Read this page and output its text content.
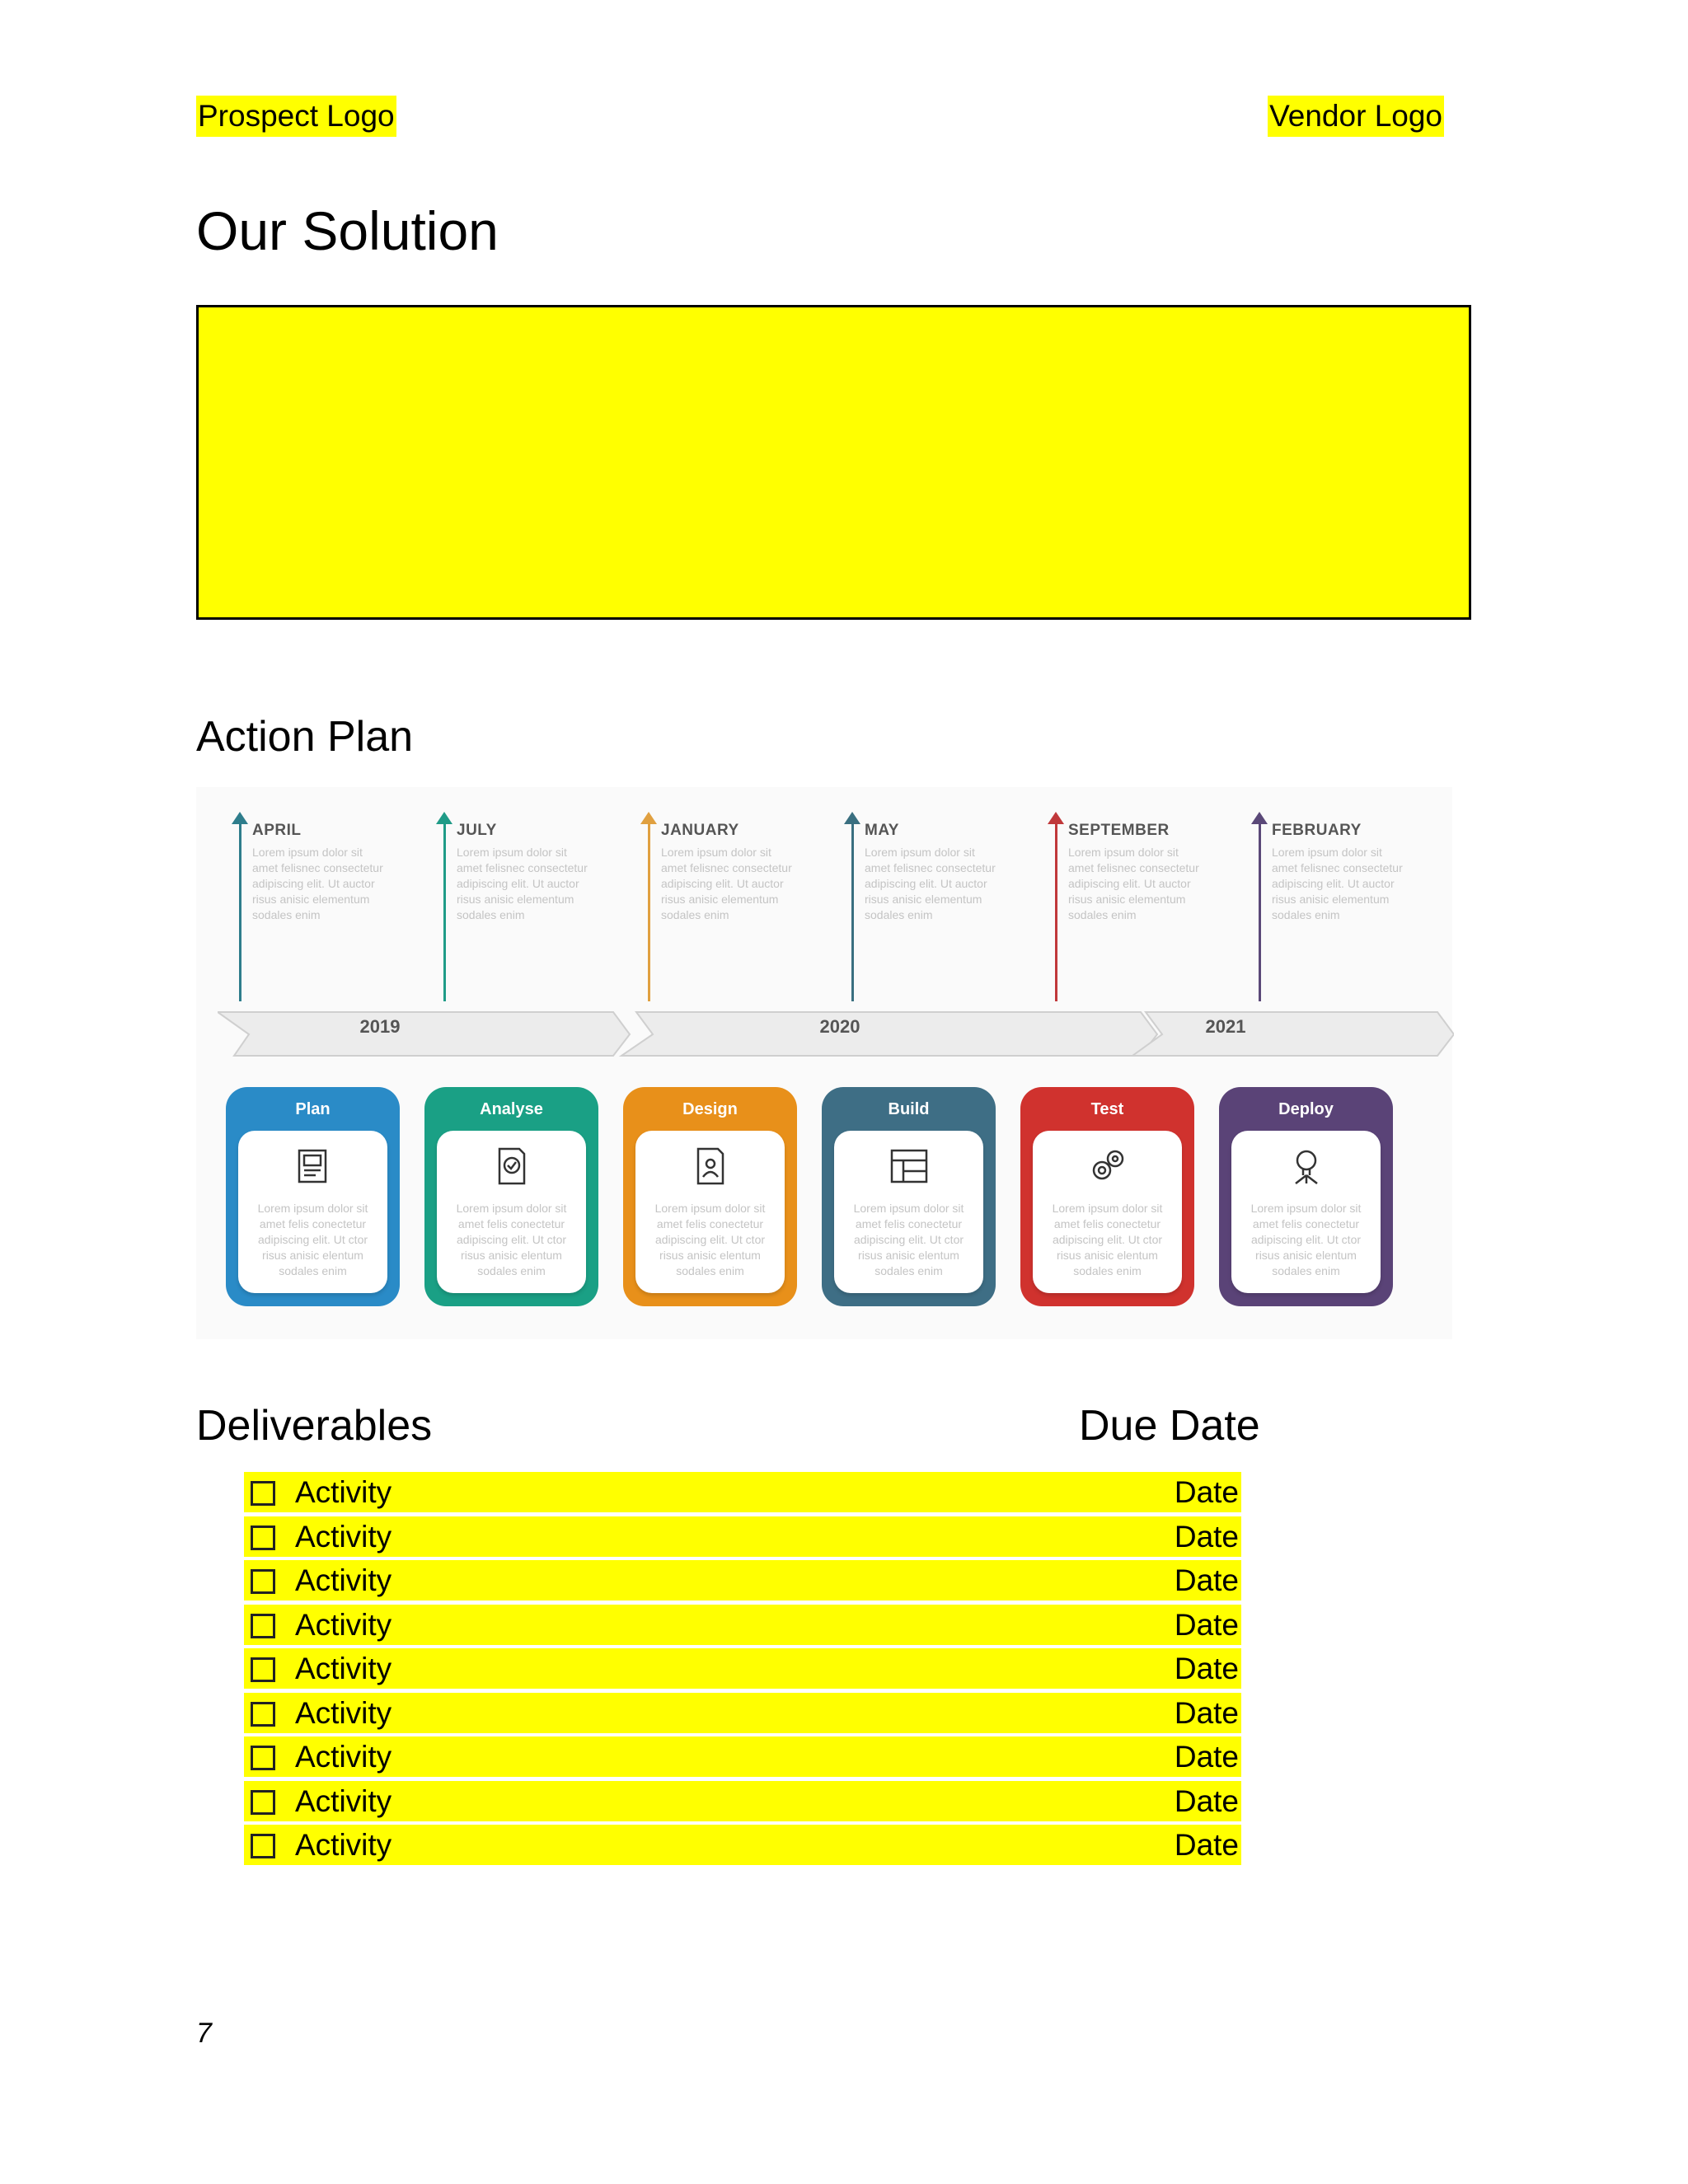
Prospect Logo	Vendor Logo
Our Solution
Action Plan
APRIL
Lorem ipsum dolor sit amet felisnec consectetur adipiscing elit. Ut auctor risus anisic elementum sodales enim
JULY
Lorem ipsum dolor sit amet felisnec consectetur adipiscing elit. Ut auctor risus anisic elementum sodales enim
JANUARY
Lorem ipsum dolor sit amet felisnec consectetur adipiscing elit. Ut auctor risus anisic elementum sodales enim
MAY
Lorem ipsum dolor sit amet felisnec consectetur adipiscing elit. Ut auctor risus anisic elementum sodales enim
SEPTEMBER
Lorem ipsum dolor sit amet felisnec consectetur adipiscing elit. Ut auctor risus anisic elementum sodales enim
FEBRUARY
Lorem ipsum dolor sit amet felisnec consectetur adipiscing elit. Ut auctor risus anisic elementum sodales enim
2019	2020	2021
Plan
Lorem ipsum dolor sit amet felis conectetur adipiscing elit. Ut ctor risus anisic elentum sodales enim
Analyse
Lorem ipsum dolor sit amet felis conectetur adipiscing elit. Ut ctor risus anisic elentum sodales enim
Design
Lorem ipsum dolor sit amet felis conectetur adipiscing elit. Ut ctor risus anisic elentum sodales enim
Build
Lorem ipsum dolor sit amet felis conectetur adipiscing elit. Ut ctor risus anisic elentum sodales enim
Test
Lorem ipsum dolor sit amet felis conectetur adipiscing elit. Ut ctor risus anisic elentum sodales enim
Deploy
Lorem ipsum dolor sit amet felis conectetur adipiscing elit. Ut ctor risus anisic elentum sodales enim
Deliverables	Due Date
Activity	Date
Activity	Date
Activity	Date
Activity	Date
Activity	Date
Activity	Date
Activity	Date
Activity	Date
Activity	Date
7
